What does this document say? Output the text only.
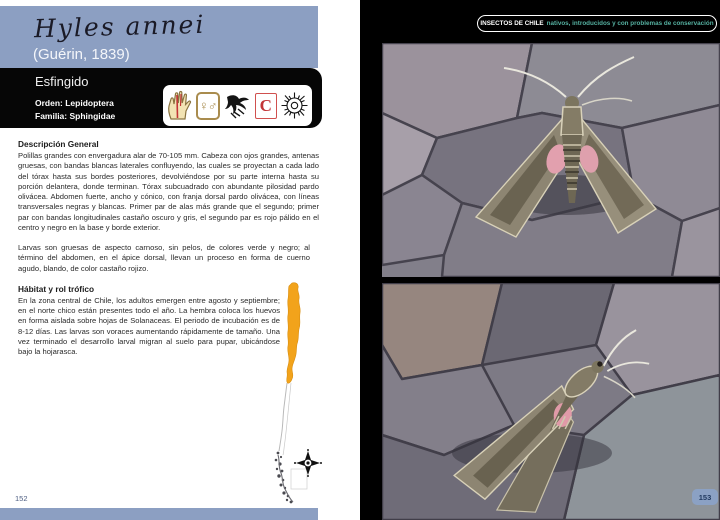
Hyles annei
(Guérin, 1839)
Esfingido
Orden: Lepidoptera
Familia: Sphingidae
♀♂	C
Descripción General

Polillas grandes con envergadura alar de 70-105 mm. Cabeza con ojos grandes, antenas gruesas, con bandas blancas laterales confluyendo, las cuales se proyectan a cada lado del tórax hasta sus bordes posteriores, devolviéndose por su parte interna hasta su porción delantera, donde terminan. Tórax subcuadrado con abundante pilosidad pardo olivácea. Abdomen fuerte, ancho y cónico, con franja dorsal pardo olivácea, con líneas transversales negras y blancas. Primer par de alas más grande que el segundo; primer par con bandas longitudinales castaño oscuro y gris, el segundo par es rojo pálido en el centro y negro en la base y borde exterior.

Larvas son gruesas de aspecto carnoso, sin pelos, de colores verde y negro; al término del abdomen, en el ápice dorsal, llevan un proceso en forma de cuerno agudo, blando, de color castaño rojizo.

Hábitat y rol trófico

En la zona central de Chile, los adultos emergen entre agosto y septiembre; en el norte chico están presentes todo el año. La hembra coloca los huevos en forma aislada sobre hojas de Solanaceas. El periodo de incubación es de 8-12 días. Las larvas son voraces aumentando rápidamente de tamaño. Una vez terminado el desarrollo larval migran al suelo para pupar, ubicándose bajo la hojarasca.

152
INSECTOS DE CHILE nativos, introducidos y con problemas de conservación
153
